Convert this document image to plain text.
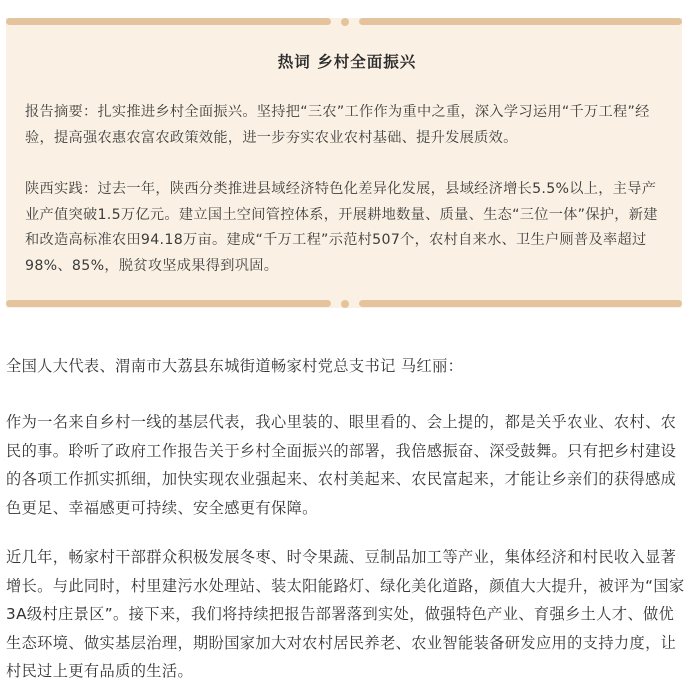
热词 乡村全面振兴
报告摘要：扎实推进乡村全面振兴。坚持把“三农”工作作为重中之重，深入学习运用“千万工程”经验，提高强农惠农富农政策效能，进一步夯实农业农村基础、提升发展质效。
陕西实践：过去一年，陕西分类推进县域经济特色化差异化发展，县域经济增长5.5%以上，主导产业产值突破1.5万亿元。建立国土空间管控体系，开展耕地数量、质量、生态“三位一体”保护，新建和改造高标准农田94.18万亩。建成“千万工程”示范村507个，农村自来水、卫生户厕普及率超过98%、85%，脱贫攻坚成果得到巩固。
全国人大代表、渭南市大荔县东城街道畅家村党总支书记 马红丽：
作为一名来自乡村一线的基层代表，我心里装的、眼里看的、会上提的，都是关乎农业、农村、农民的事。聆听了政府工作报告关于乡村全面振兴的部署，我倍感振奋、深受鼓舞。只有把乡村建设的各项工作抓实抓细，加快实现农业强起来、农村美起来、农民富起来，才能让乡亲们的获得感成色更足、幸福感更可持续、安全感更有保障。
近几年，畅家村干部群众积极发展冬枣、时令果蔬、豆制品加工等产业，集体经济和村民收入显著增长。与此同时，村里建污水处理站、装太阳能路灯、绿化美化道路，颜值大大提升，被评为“国家3A级村庄景区”。接下来，我们将持续把报告部署落到实处，做强特色产业、育强乡土人才、做优生态环境、做实基层治理，期盼国家加大对农村居民养老、农业智能装备研发应用的支持力度，让村民过上更有品质的生活。
